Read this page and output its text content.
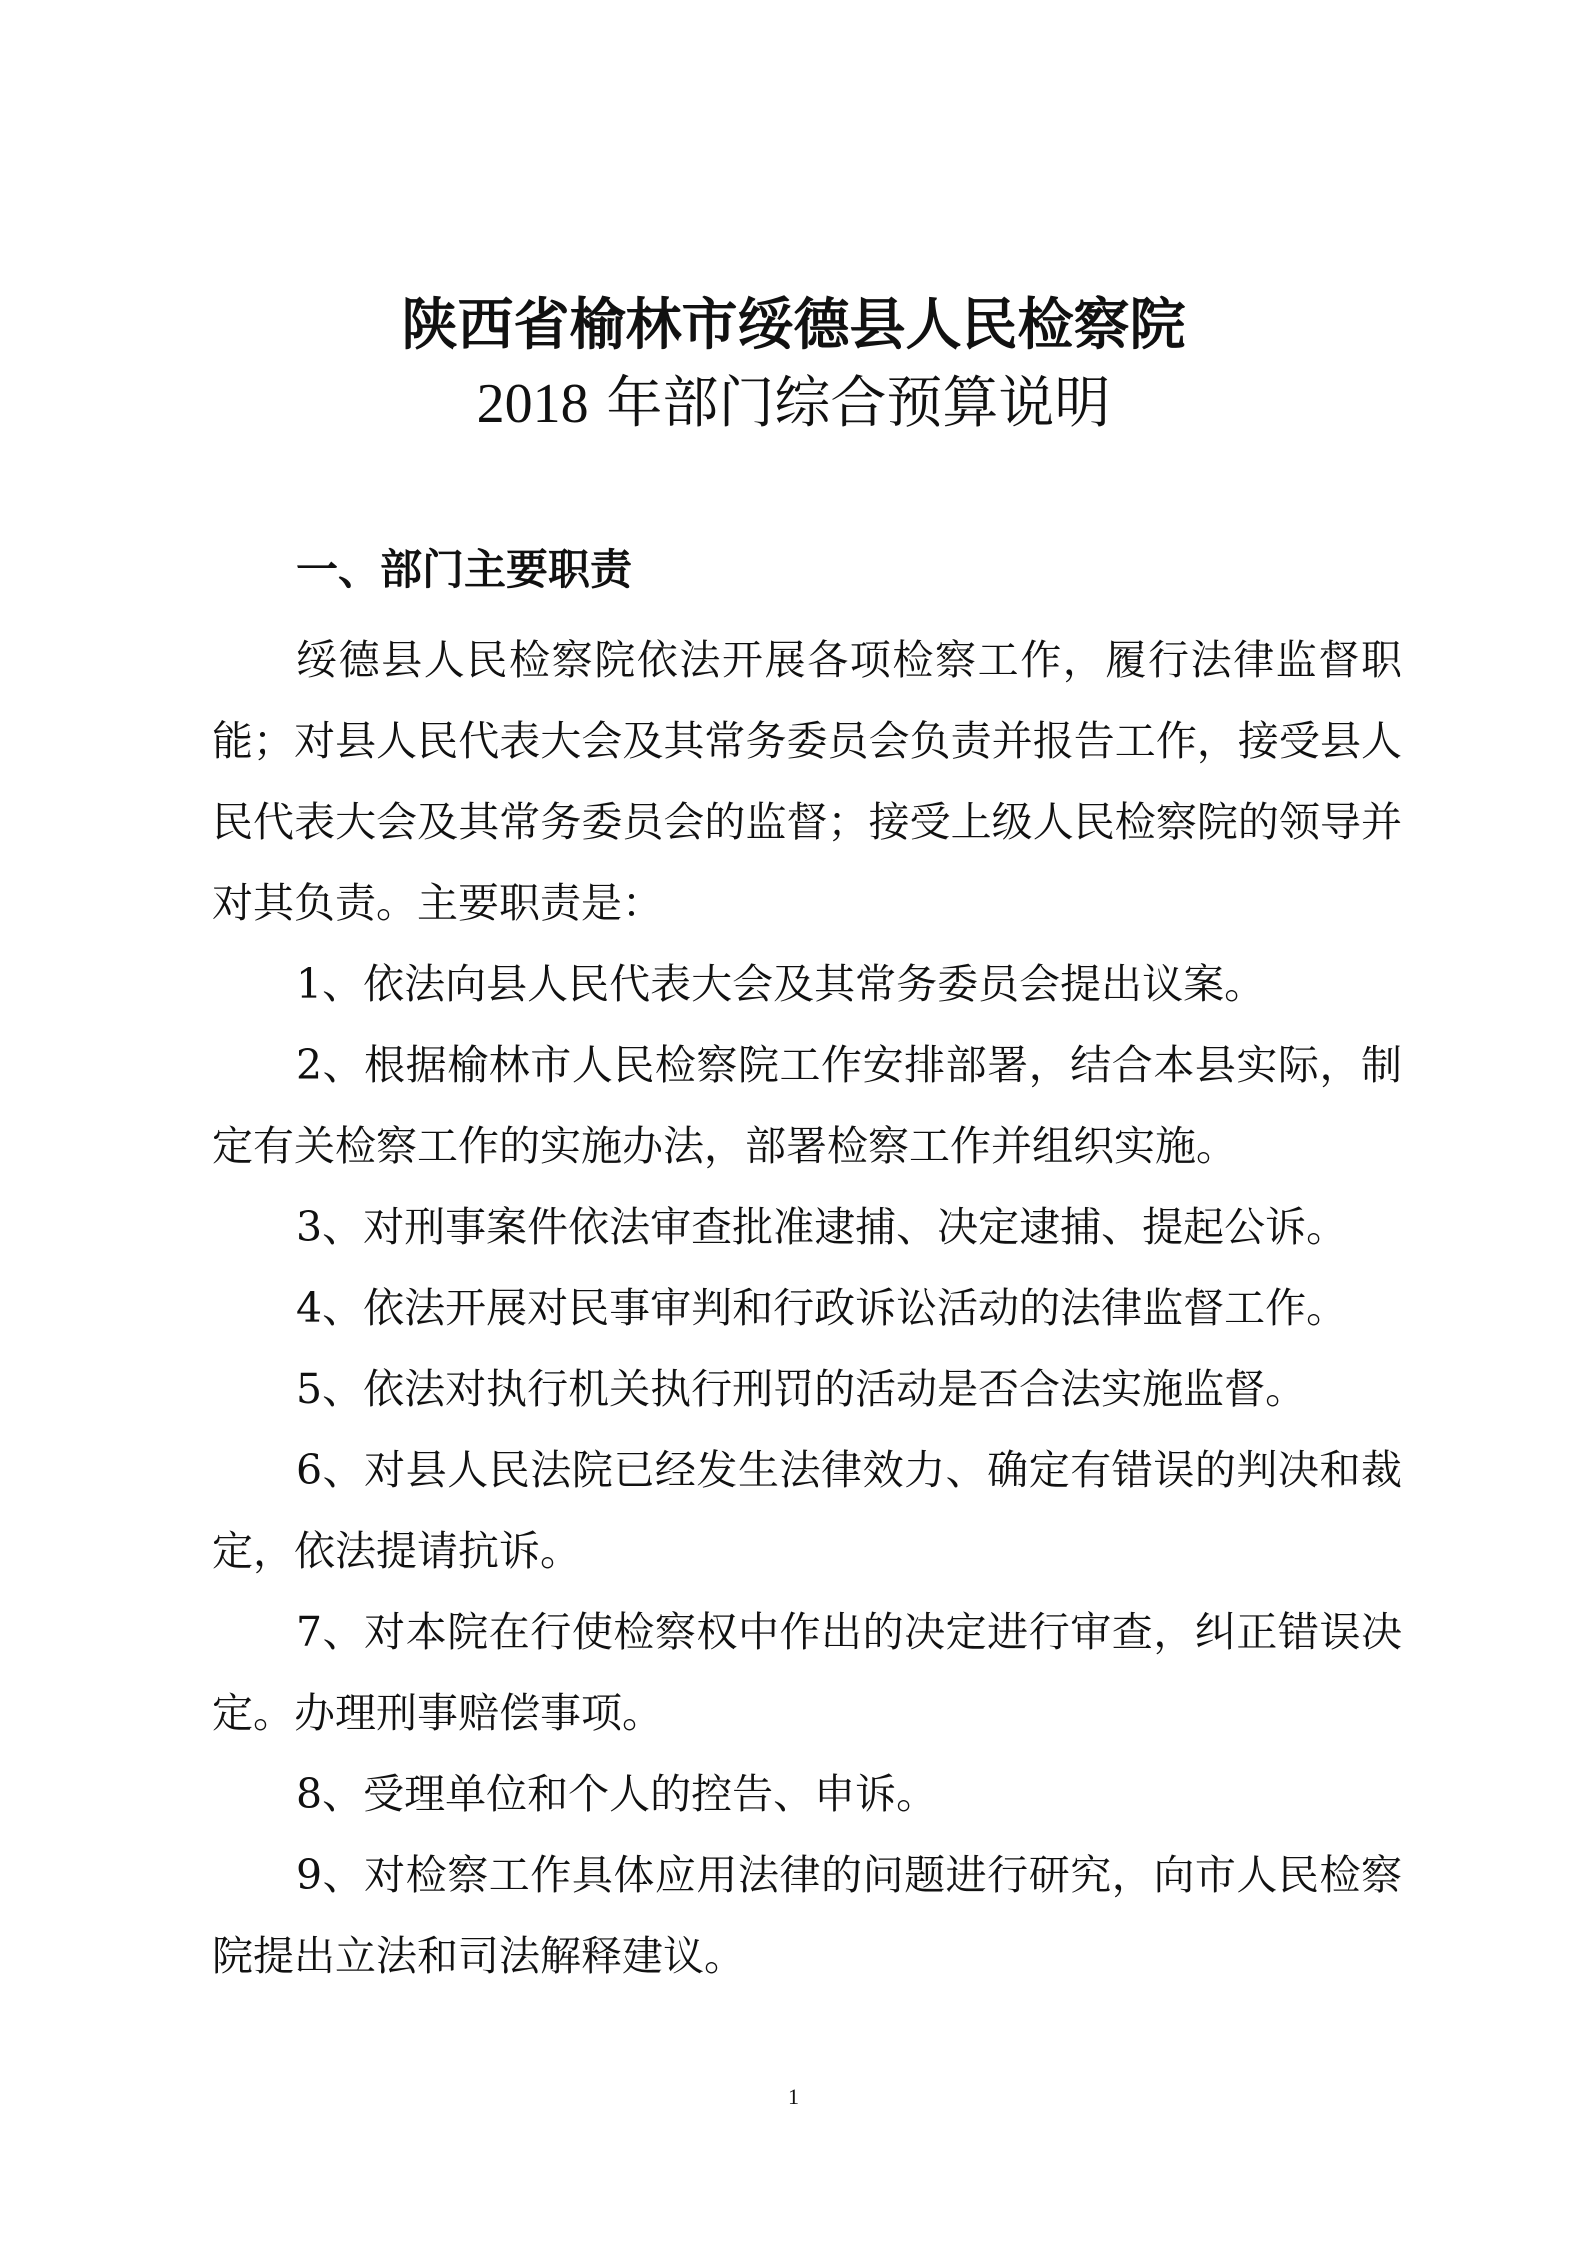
陕西省榆林市绥德县人民检察院
2018 年部门综合预算说明
一、部门主要职责

绥德县人民检察院依法开展各项检察工作，履行法律监督职能；对县人民代表大会及其常务委员会负责并报告工作，接受县人民代表大会及其常务委员会的监督；接受上级人民检察院的领导并对其负责。主要职责是：

1、依法向县人民代表大会及其常务委员会提出议案。

2、根据榆林市人民检察院工作安排部署，结合本县实际，制定有关检察工作的实施办法，部署检察工作并组织实施。

3、对刑事案件依法审查批准逮捕、决定逮捕、提起公诉。

4、依法开展对民事审判和行政诉讼活动的法律监督工作。

5、依法对执行机关执行刑罚的活动是否合法实施监督。

6、对县人民法院已经发生法律效力、确定有错误的判决和裁定，依法提请抗诉。

7、对本院在行使检察权中作出的决定进行审查，纠正错误决定。办理刑事赔偿事项。

8、受理单位和个人的控告、申诉。

9、对检察工作具体应用法律的问题进行研究，向市人民检察院提出立法和司法解释建议。

1
